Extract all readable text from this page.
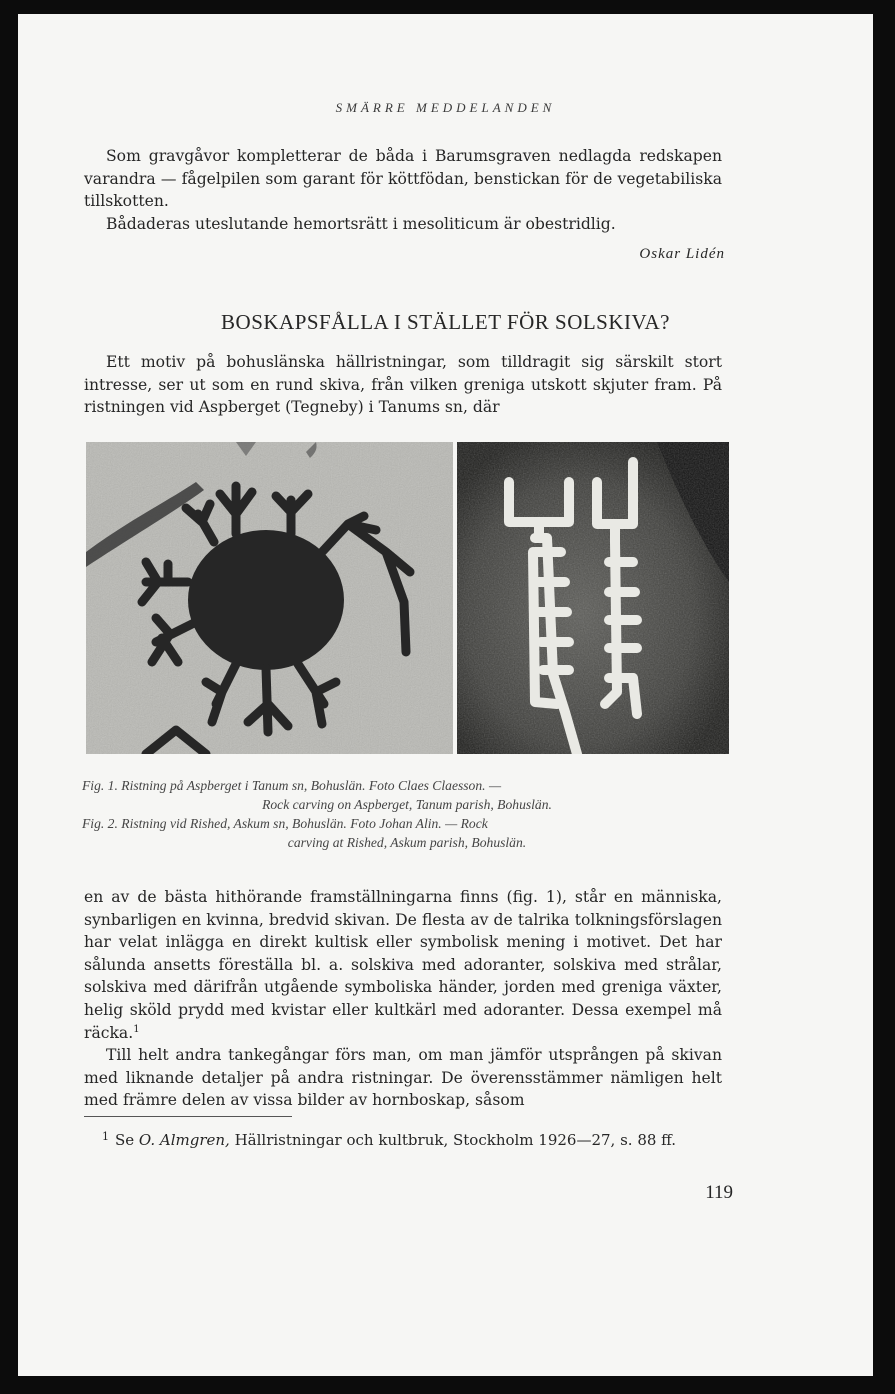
SMÄRRE MEDDELANDEN

Som gravgåvor kompletterar de båda i Barumsgraven nedlagda redskapen varandra — fågelpilen som garant för köttfödan, benstickan för de vegetabiliska tillskotten.

Bådaderas uteslutande hemortsrätt i mesoliticum är obestridlig.

Oskar Lidén
BOSKAPSFÅLLA I STÄLLET FÖR SOLSKIVA?

Ett motiv på bohuslänska hällristningar, som tilldragit sig särskilt stort intresse, ser ut som en rund skiva, från vilken greniga utskott skjuter fram. På ristningen vid Aspberget (Tegneby) i Tanums sn, där

Fig. 1. Ristning på Aspberget i Tanum sn, Bohuslän. Foto Claes Claesson. —
Rock carving on Aspberget, Tanum parish, Bohuslän.
Fig. 2. Ristning vid Rished, Askum sn, Bohuslän. Foto Johan Alin. — Rock
carving at Rished, Askum parish, Bohuslän.

en av de bästa hithörande framställningarna finns (fig. 1), står en människa, synbarligen en kvinna, bredvid skivan. De flesta av de talrika tolkningsförslagen har velat inlägga en direkt kultisk eller symbolisk mening i motivet. Det har sålunda ansetts föreställa bl. a. solskiva med adoranter, solskiva med strålar, solskiva med därifrån utgående symboliska händer, jorden med greniga växter, helig sköld prydd med kvistar eller kultkärl med adoranter. Dessa exempel må räcka.$^1$

Till helt andra tankegångar förs man, om man jämför utsprången på skivan med liknande detaljer på andra ristningar. De överensstämmer nämligen helt med främre delen av vissa bilder av hornboskap, såsom

$^1$ Se O. Almgren, Hällristningar och kultbruk, Stockholm 1926—27, s. 88 ff.
119
